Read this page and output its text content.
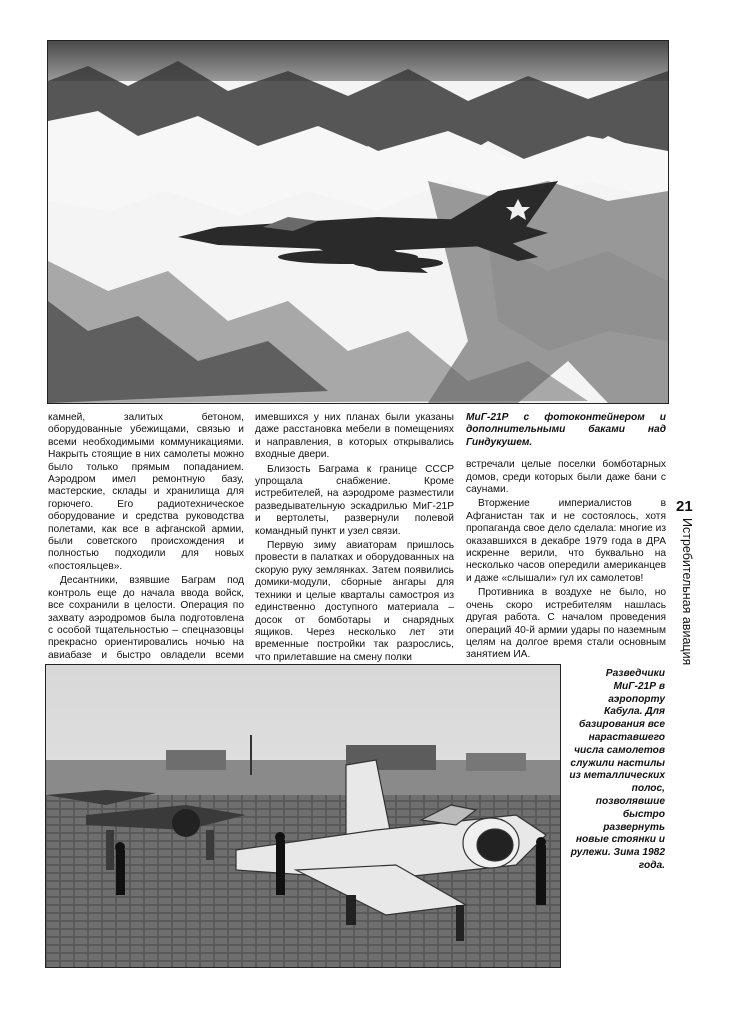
камней, залитых бетоном, оборудованные убежищами, связью и всеми необходимыми коммуникациями. Накрыть стоящие в них самолеты можно было только прямым попаданием. Аэродром имел ремонтную базу, мастерские, склады и хранилища для горючего. Его радиотехническое оборудование и средства руководства полетами, как все в афганской армии, были советского происхождения и полностью подходили для новых «постояльцев».

Десантники, взявшие Баграм под контроль еще до начала ввода войск, все сохранили в целости. Операция по захвату аэродромов была подготовлена с особой тщательностью – спецназовцы прекрасно ориентировались ночью на авиабазе и быстро овладели всеми

имевшихся у них планах были указаны даже расстановка мебели в помещениях и направления, в которых открывались входные двери.

Близость Баграма к границе СССР упрощала снабжение. Кроме истребителей, на аэродроме разместили разведывательную эскадрилью МиГ-21Р и вертолеты, развернули полевой командный пункт и узел связи.

Первую зиму авиаторам пришлось провести в палатках и оборудованных на скорую руку землянках. Затем появились домики-модули, сборные ангары для техники и целые кварталы самостроя из единственно доступного материала – досок от бомботары и снарядных ящиков. Через несколько лет эти временные постройки так разрослись, что прилетавшие на смену полки

МиГ-21Р с фотоконтейнером и дополнительными баками над Гиндукушем.

встречали целые поселки бомботарных домов, среди которых были даже бани с саунами.

Вторжение империалистов в Афганистан так и не состоялось, хотя пропаганда свое дело сделала: многие из оказавшихся в декабре 1979 года в ДРА искренне верили, что буквально на несколько часов опередили американцев и даже «слышали» гул их самолетов!

Противника в воздухе не было, но очень скоро истребителям нашлась другая работа. С началом проведения операций 40-й армии удары по наземным целям на долгое время стали основным занятием ИА.

21
Истребительная авиация
Разведчики МиГ-21Р в аэропорту Кабула. Для базирования все нараставшего числа самолетов служили настилы из металлических полос, позволявшие быстро развернуть новые стоянки и рулежи. Зима 1982 года.
